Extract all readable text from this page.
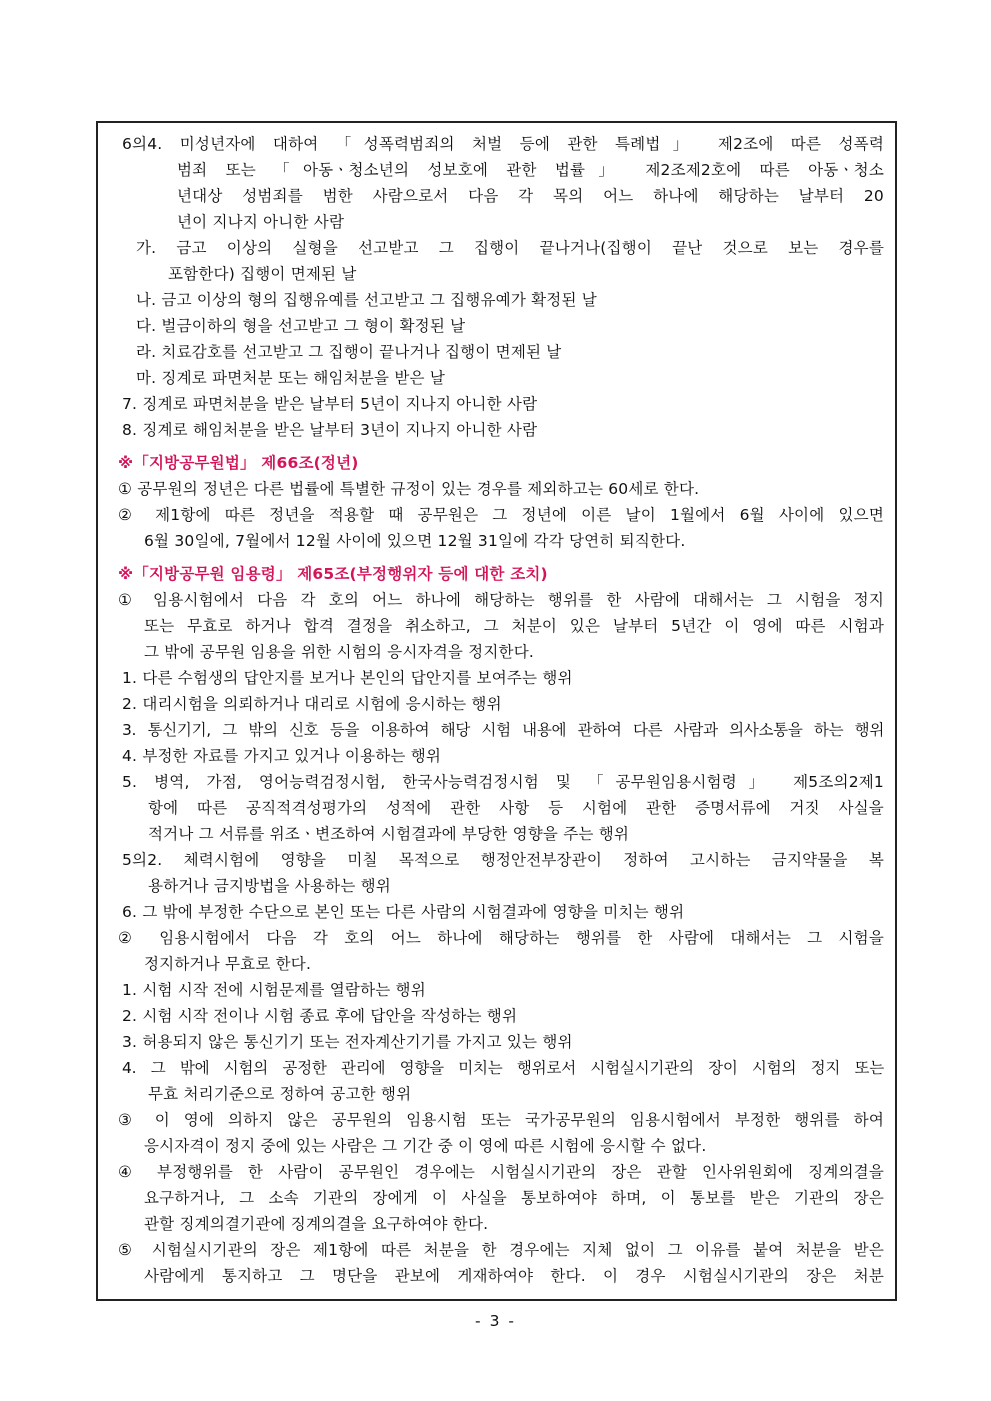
6의4. 미성년자에 대하여 「성폭력범죄의 처벌 등에 관한 특례법」 제2조에 따른 성폭력
범죄 또는 「아동ㆍ청소년의 성보호에 관한 법률」 제2조제2호에 따른 아동ㆍ청소
년대상 성범죄를 범한 사람으로서 다음 각 목의 어느 하나에 해당하는 날부터 20
년이 지나지 아니한 사람
가. 금고 이상의 실형을 선고받고 그 집행이 끝나거나(집행이 끝난 것으로 보는 경우를
포함한다) 집행이 면제된 날
나. 금고 이상의 형의 집행유예를 선고받고 그 집행유예가 확정된 날
다. 벌금이하의 형을 선고받고 그 형이 확정된 날
라. 치료감호를 선고받고 그 집행이 끝나거나 집행이 면제된 날
마. 징계로 파면처분 또는 해임처분을 받은 날
7. 징계로 파면처분을 받은 날부터 5년이 지나지 아니한 사람
8. 징계로 해임처분을 받은 날부터 3년이 지나지 아니한 사람
※「지방공무원법」 제66조(정년)
① 공무원의 정년은 다른 법률에 특별한 규정이 있는 경우를 제외하고는 60세로 한다.
② 제1항에 따른 정년을 적용할 때 공무원은 그 정년에 이른 날이 1월에서 6월 사이에 있으면
6월 30일에, 7월에서 12월 사이에 있으면 12월 31일에 각각 당연히 퇴직한다.
※「지방공무원 임용령」 제65조(부정행위자 등에 대한 조치)
① 임용시험에서 다음 각 호의 어느 하나에 해당하는 행위를 한 사람에 대해서는 그 시험을 정지
또는 무효로 하거나 합격 결정을 취소하고, 그 처분이 있은 날부터 5년간 이 영에 따른 시험과
그 밖에 공무원 임용을 위한 시험의 응시자격을 정지한다.
1. 다른 수험생의 답안지를 보거나 본인의 답안지를 보여주는 행위
2. 대리시험을 의뢰하거나 대리로 시험에 응시하는 행위
3. 통신기기, 그 밖의 신호 등을 이용하여 해당 시험 내용에 관하여 다른 사람과 의사소통을 하는 행위
4. 부정한 자료를 가지고 있거나 이용하는 행위
5. 병역, 가점, 영어능력검정시험, 한국사능력검정시험 및 「공무원임용시험령」 제5조의2제1
항에 따른 공직적격성평가의 성적에 관한 사항 등 시험에 관한 증명서류에 거짓 사실을
적거나 그 서류를 위조ㆍ변조하여 시험결과에 부당한 영향을 주는 행위
5의2. 체력시험에 영향을 미칠 목적으로 행정안전부장관이 정하여 고시하는 금지약물을 복
용하거나 금지방법을 사용하는 행위
6. 그 밖에 부정한 수단으로 본인 또는 다른 사람의 시험결과에 영향을 미치는 행위
② 임용시험에서 다음 각 호의 어느 하나에 해당하는 행위를 한 사람에 대해서는 그 시험을
정지하거나 무효로 한다.
1. 시험 시작 전에 시험문제를 열람하는 행위
2. 시험 시작 전이나 시험 종료 후에 답안을 작성하는 행위
3. 허용되지 않은 통신기기 또는 전자계산기기를 가지고 있는 행위
4. 그 밖에 시험의 공정한 관리에 영향을 미치는 행위로서 시험실시기관의 장이 시험의 정지 또는
무효 처리기준으로 정하여 공고한 행위
③ 이 영에 의하지 않은 공무원의 임용시험 또는 국가공무원의 임용시험에서 부정한 행위를 하여
응시자격이 정지 중에 있는 사람은 그 기간 중 이 영에 따른 시험에 응시할 수 없다.
④ 부정행위를 한 사람이 공무원인 경우에는 시험실시기관의 장은 관할 인사위원회에 징계의결을
요구하거나, 그 소속 기관의 장에게 이 사실을 통보하여야 하며, 이 통보를 받은 기관의 장은
관할 징계의결기관에 징계의결을 요구하여야 한다.
⑤ 시험실시기관의 장은 제1항에 따른 처분을 한 경우에는 지체 없이 그 이유를 붙여 처분을 받은
사람에게 통지하고 그 명단을 관보에 게재하여야 한다. 이 경우 시험실시기관의 장은 처분
- 3 -
